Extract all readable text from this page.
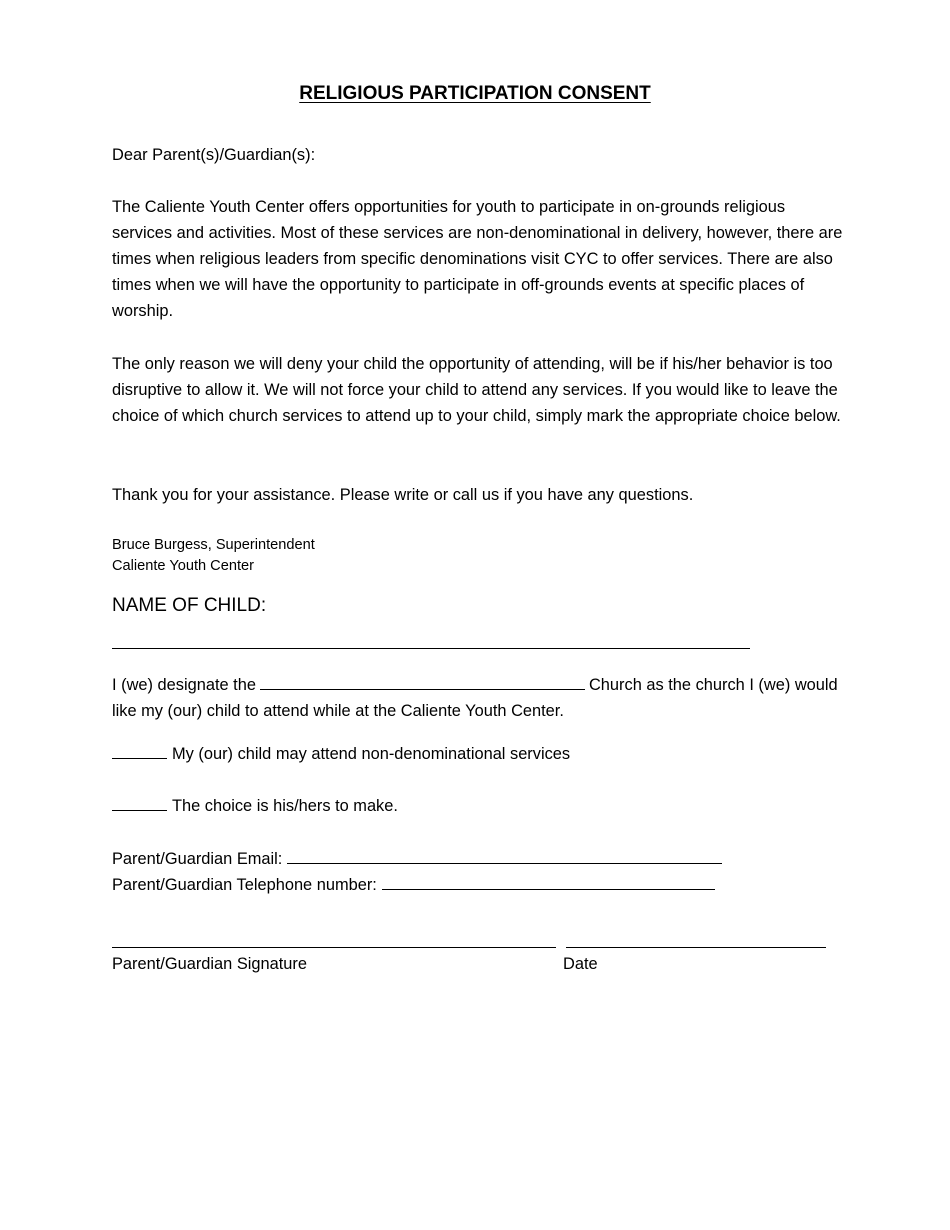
RELIGIOUS PARTICIPATION CONSENT

Dear Parent(s)/Guardian(s):

The Caliente Youth Center offers opportunities for youth to participate in on-grounds religious services and activities. Most of these services are non-denominational in delivery, however, there are times when religious leaders from specific denominations visit CYC to offer services. There are also times when we will have the opportunity to participate in off-grounds events at specific places of worship.

The only reason we will deny your child the opportunity of attending, will be if his/her behavior is too disruptive to allow it. We will not force your child to attend any services. If you would like to leave the choice of which church services to attend up to your child, simply mark the appropriate choice below.

Thank you for your assistance. Please write or call us if you have any questions.

Bruce Burgess, Superintendent
Caliente Youth Center
NAME OF CHILD:

I (we) designate the	Church as the church I (we) would like my (our) child to attend while at the Caliente Youth Center.

My (our) child may attend non-denominational services
The choice is his/hers to make.
Parent/Guardian Email:
Parent/Guardian Telephone number:
Parent/Guardian Signature	Date
